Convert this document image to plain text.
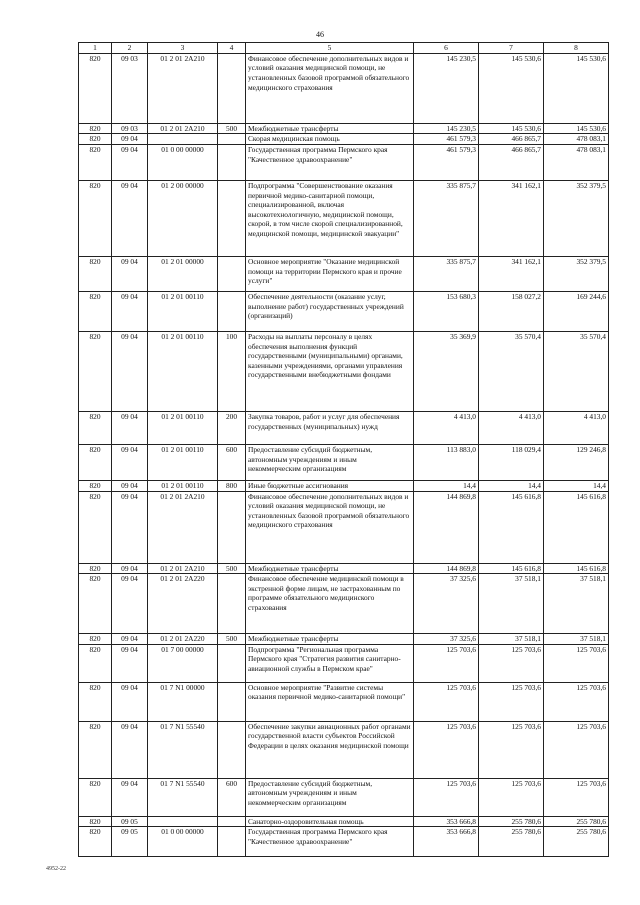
46
1	2	3	4	5	6	7	8
820	09 03	01 2 01 2А210		Финансовое обеспечение дополнительных видов и условий оказания медицинской помощи, не установленных базовой программой обязательного медицинского страхования	145 230,5	145 530,6	145 530,6
820	09 03	01 2 01 2А210	500	Межбюджетные трансферты	145 230,5	145 530,6	145 530,6
820	09 04			Скорая медицинская помощь	461 579,3	466 865,7	478 083,1
820	09 04	01 0 00 00000		Государственная программа Пермского края "Качественное здравоохранение"	461 579,3	466 865,7	478 083,1
820	09 04	01 2 00 00000		Подпрограмма "Совершенствование оказания первичной медико-санитарной помощи, специализированной, включая высокотехнологичную, медицинской помощи, скорой, в том числе скорой специализированной, медицинской помощи, медицинской эвакуации"	335 875,7	341 162,1	352 379,5
820	09 04	01 2 01 00000		Основное мероприятие "Оказание медицинской помощи на территории Пермского края и прочие услуги"	335 875,7	341 162,1	352 379,5
820	09 04	01 2 01 00110		Обеспечение деятельности (оказание услуг, выполнение работ) государственных учреждений (организаций)	153 680,3	158 027,2	169 244,6
820	09 04	01 2 01 00110	100	Расходы на выплаты персоналу в целях обеспечения выполнения функций государственными (муниципальными) органами, казенными учреждениями, органами управления государственными внебюджетными фондами	35 369,9	35 570,4	35 570,4
820	09 04	01 2 01 00110	200	Закупка товаров, работ и услуг для обеспечения государственных (муниципальных) нужд	4 413,0	4 413,0	4 413,0
820	09 04	01 2 01 00110	600	Предоставление субсидий бюджетным, автономным учреждениям и иным некоммерческим организациям	113 883,0	118 029,4	129 246,8
820	09 04	01 2 01 00110	800	Иные бюджетные ассигнования	14,4	14,4	14,4
820	09 04	01 2 01 2А210		Финансовое обеспечение дополнительных видов и условий оказания медицинской помощи, не установленных базовой программой обязательного медицинского страхования	144 869,8	145 616,8	145 616,8
820	09 04	01 2 01 2А210	500	Межбюджетные трансферты	144 869,8	145 616,8	145 616,8
820	09 04	01 2 01 2А220		Финансовое обеспечение медицинской помощи в экстренной форме лицам, не застрахованным по программе обязательного медицинского страхования	37 325,6	37 518,1	37 518,1
820	09 04	01 2 01 2А220	500	Межбюджетные трансферты	37 325,6	37 518,1	37 518,1
820	09 04	01 7 00 00000		Подпрограмма "Региональная программа Пермского края "Стратегия развития санитарно-авиационной службы в Пермском крае"	125 703,6	125 703,6	125 703,6
820	09 04	01 7 N1 00000		Основное мероприятие "Развитие системы оказания первичной медико-санитарной помощи"	125 703,6	125 703,6	125 703,6
820	09 04	01 7 N1 55540		Обеспечение закупки авиационных работ органами государственной власти субъектов Российской Федерации в целях оказания медицинской помощи	125 703,6	125 703,6	125 703,6
820	09 04	01 7 N1 55540	600	Предоставление субсидий бюджетным, автономным учреждениям и иным некоммерческим организациям	125 703,6	125 703,6	125 703,6
820	09 05			Санаторно-оздоровительная помощь	353 666,8	255 780,6	255 780,6
820	09 05	01 0 00 00000		Государственная программа Пермского края "Качественное здравоохранение"	353 666,8	255 780,6	255 780,6
4952-22
